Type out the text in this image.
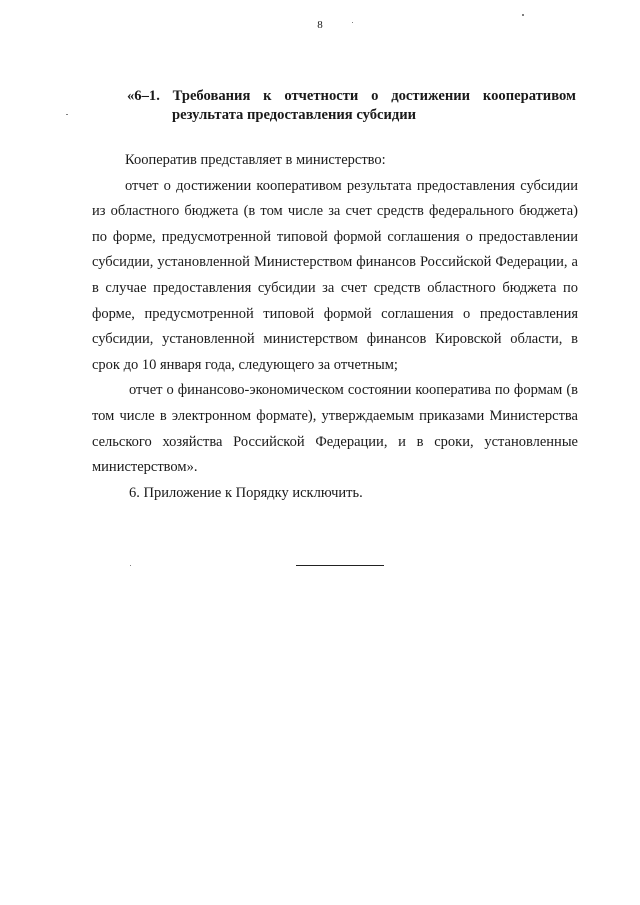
8
«6–1. Требования к отчетности о достижении кооперативом
результата предоставления субсидии

Кооператив представляет в министерство:

отчет о достижении кооперативом результата предоставления субсидии из областного бюджета (в том числе за счет средств федерального бюджета) по форме, предусмотренной типовой формой соглашения о предоставлении субсидии, установленной Министерством финансов Российской Федерации, а в случае предоставления субсидии за счет средств областного бюджета по форме, предусмотренной типовой формой соглашения о предоставления субсидии, установленной министерством финансов Кировской области, в срок до 10 января года, следующего за отчетным;

отчет о финансово-экономическом состоянии кооператива по формам (в том числе в электронном формате), утверждаемым приказами Министерства сельского хозяйства Российской Федерации, и в сроки, установленные министерством».

6. Приложение к Порядку исключить.
